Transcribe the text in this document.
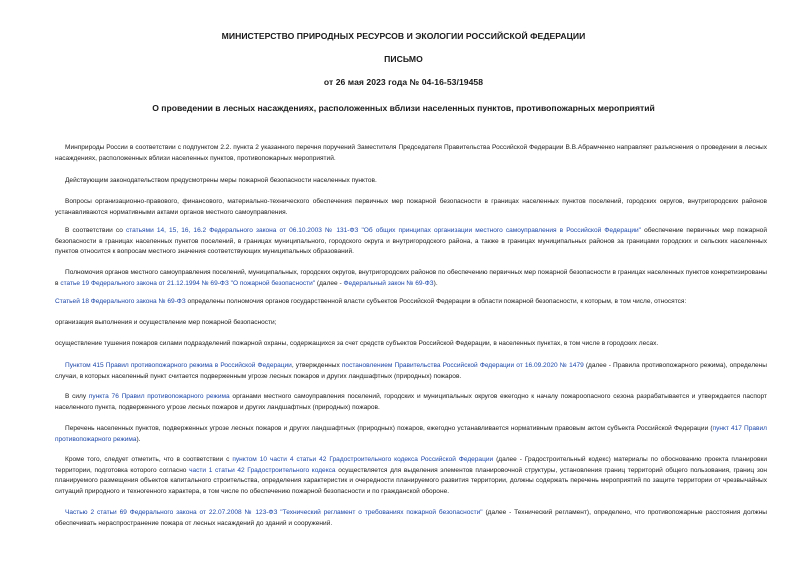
МИНИСТЕРСТВО ПРИРОДНЫХ РЕСУРСОВ И ЭКОЛОГИИ РОССИЙСКОЙ ФЕДЕРАЦИИ
ПИСЬМО
от 26 мая 2023 года № 04-16-53/19458
О проведении в лесных насаждениях, расположенных вблизи населенных пунктов, противопожарных мероприятий
Минприроды России в соответствии с подпунктом 2.2. пункта 2 указанного перечня поручений Заместителя Председателя Правительства Российской Федерации В.В.Абрамченко направляет разъяснения о проведении в лесных насаждениях, расположенных вблизи населенных пунктов, противопожарных мероприятий.
Действующим законодательством предусмотрены меры пожарной безопасности населенных пунктов.
Вопросы организационно-правового, финансового, материально-технического обеспечения первичных мер пожарной безопасности в границах населенных пунктов поселений, городских округов, внутригородских районов устанавливаются нормативными актами органов местного самоуправления.
В соответствии со статьями 14, 15, 16, 16.2 Федерального закона от 06.10.2003 № 131-ФЗ "Об общих принципах организации местного самоуправления в Российской Федерации" обеспечение первичных мер пожарной безопасности в границах населенных пунктов поселений, в границах муниципального, городского округа и внутригородского района, а также в границах муниципальных районов за границами городских и сельских населенных пунктов относится к вопросам местного значения соответствующих муниципальных образований.
Полномочия органов местного самоуправления поселений, муниципальных, городских округов, внутригородских районов по обеспечению первичных мер пожарной безопасности в границах населенных пунктов конкретизированы в статье 19 Федерального закона от 21.12.1994 № 69-ФЗ "О пожарной безопасности" (далее - Федеральный закон № 69-ФЗ).
Статьей 18 Федерального закона № 69-ФЗ определены полномочия органов государственной власти субъектов Российской Федерации в области пожарной безопасности, к которым, в том числе, относятся:
организация выполнения и осуществление мер пожарной безопасности;
осуществление тушения пожаров силами подразделений пожарной охраны, содержащихся за счет средств субъектов Российской Федерации, в населенных пунктах, в том числе в городских лесах.
Пунктом 415 Правил противопожарного режима в Российской Федерации, утвержденных постановлением Правительства Российской Федерации от 16.09.2020 № 1479 (далее - Правила противопожарного режима), определены случаи, в которых населенный пункт считается подверженным угрозе лесных пожаров и других ландшафтных (природных) пожаров.
В силу пункта 76 Правил противопожарного режима органами местного самоуправления поселений, городских и муниципальных округов ежегодно к началу пожароопасного сезона разрабатывается и утверждается паспорт населенного пункта, подверженного угрозе лесных пожаров и других ландшафтных (природных) пожаров.
Перечень населенных пунктов, подверженных угрозе лесных пожаров и других ландшафтных (природных) пожаров, ежегодно устанавливается нормативным правовым актом субъекта Российской Федерации (пункт 417 Правил противопожарного режима).
Кроме того, следует отметить, что в соответствии с пунктом 10 части 4 статьи 42 Градостроительного кодекса Российской Федерации (далее - Градостроительный кодекс) материалы по обоснованию проекта планировки территории, подготовка которого согласно части 1 статьи 42 Градостроительного кодекса осуществляется для выделения элементов планировочной структуры, установления границ территорий общего пользования, границ зон планируемого размещения объектов капитального строительства, определения характеристик и очередности планируемого развития территории, должны содержать перечень мероприятий по защите территории от чрезвычайных ситуаций природного и техногенного характера, в том числе по обеспечению пожарной безопасности и по гражданской обороне.
Частью 2 статьи 69 Федерального закона от 22.07.2008 № 123-ФЗ "Технический регламент о требованиях пожарной безопасности" (далее - Технический регламент), определено, что противопожарные расстояния должны обеспечивать нераспространение пожара от лесных насаждений до зданий и сооружений.
